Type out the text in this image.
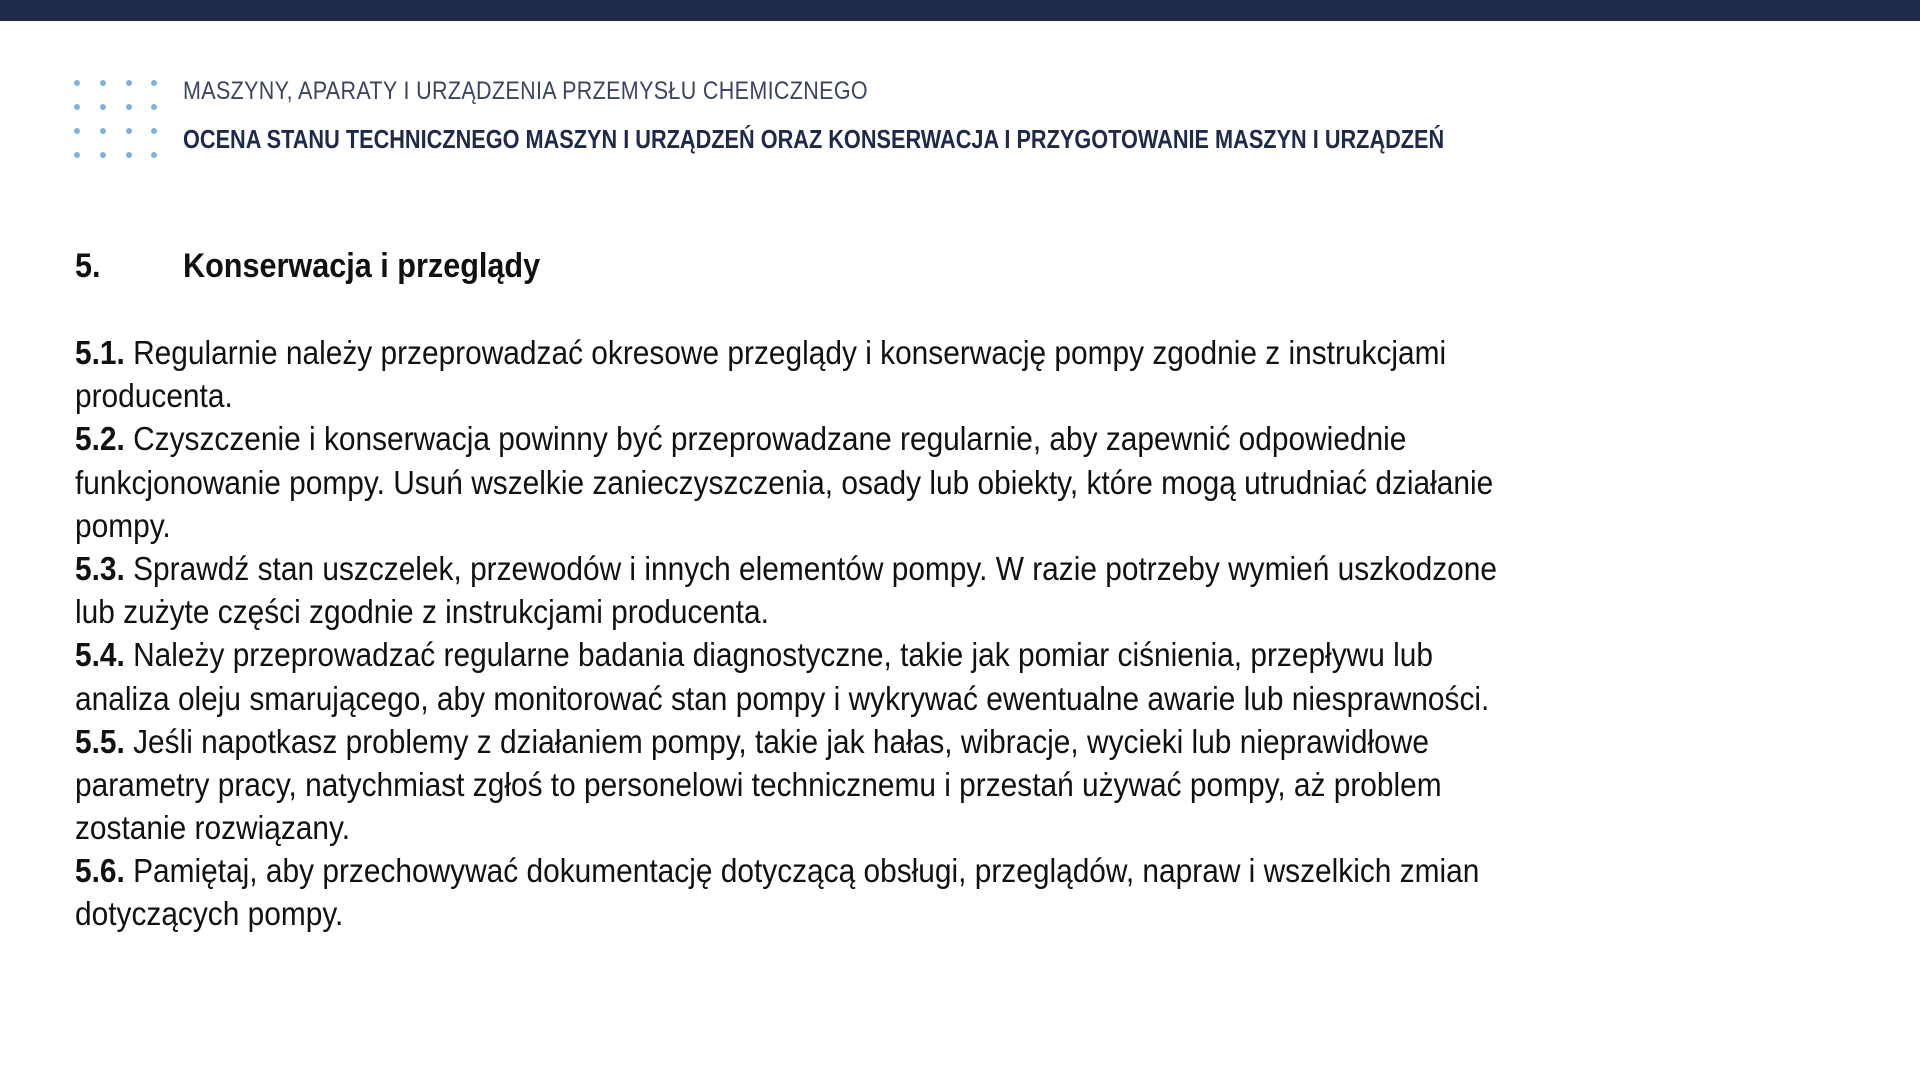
MASZYNY, APARATY I URZĄDZENIA PRZEMYSŁU CHEMICZNEGO
OCENA STANU TECHNICZNEGO MASZYN I URZĄDZEŃ ORAZ KONSERWACJA I PRZYGOTOWANIE MASZYN I URZĄDZEŃ
5. Konserwacja i przeglądy
5.1. Regularnie należy przeprowadzać okresowe przeglądy i konserwację pompy zgodnie z instrukcjami
producenta.
5.2. Czyszczenie i konserwacja powinny być przeprowadzane regularnie, aby zapewnić odpowiednie
funkcjonowanie pompy. Usuń wszelkie zanieczyszczenia, osady lub obiekty, które mogą utrudniać działanie
pompy.
5.3. Sprawdź stan uszczelek, przewodów i innych elementów pompy. W razie potrzeby wymień uszkodzone
lub zużyte części zgodnie z instrukcjami producenta.
5.4. Należy przeprowadzać regularne badania diagnostyczne, takie jak pomiar ciśnienia, przepływu lub
analiza oleju smarującego, aby monitorować stan pompy i wykrywać ewentualne awarie lub niesprawności.
5.5. Jeśli napotkasz problemy z działaniem pompy, takie jak hałas, wibracje, wycieki lub nieprawidłowe
parametry pracy, natychmiast zgłoś to personelowi technicznemu i przestań używać pompy, aż problem
zostanie rozwiązany.
5.6. Pamiętaj, aby przechowywać dokumentację dotyczącą obsługi, przeglądów, napraw i wszelkich zmian
dotyczących pompy.
